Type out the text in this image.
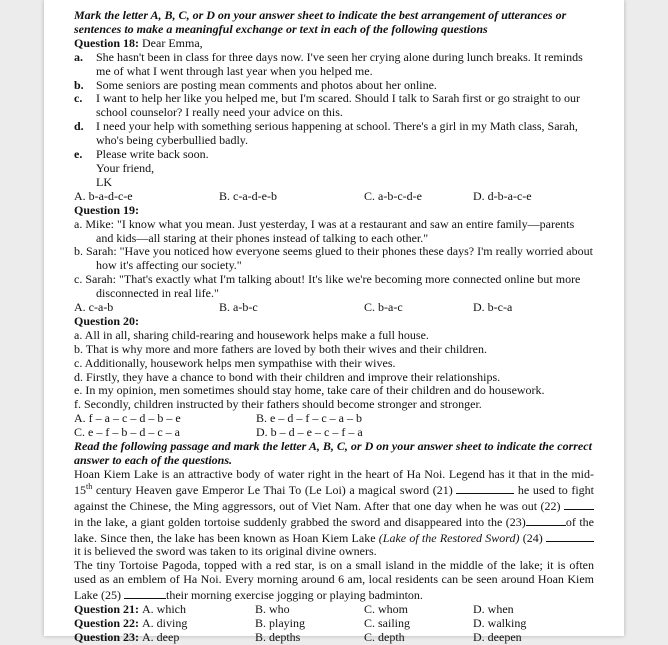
Mark the letter A, B, C, or D on your answer sheet to indicate the best arrangement of utterances or sentences to make a meaningful exchange or text in each of the following questions
Question 18: Dear Emma,
a.	She hasn't been in class for three days now. I've seen her crying alone during lunch breaks. It reminds me of what I went through last year when you helped me.
b.	Some seniors are posting mean comments and photos about her online.
c.	I want to help her like you helped me, but I'm scared. Should I talk to Sarah first or go straight to our school counselor? I really need your advice on this.
d.	I need your help with something serious happening at school. There's a girl in my Math class, Sarah, who's being cyberbullied badly.
e.	Please write back soon.
Your friend,
LK
A. b-a-d-c-e	B. c-a-d-e-b	C. a-b-c-d-e	D. d-b-a-c-e
Question 19:
a. Mike: "I know what you mean. Just yesterday, I was at a restaurant and saw an entire family—parents and kids—all staring at their phones instead of talking to each other."
b. Sarah: "Have you noticed how everyone seems glued to their phones these days? I'm really worried about how it's affecting our society."
c. Sarah: "That's exactly what I'm talking about! It's like we're becoming more connected online but more disconnected in real life."
A. c-a-b	B. a-b-c	C. b-a-c	D. b-c-a
Question 20:
a. All in all, sharing child-rearing and housework helps make a full house.
b. That is why more and more fathers are loved by both their wives and their children.
c. Additionally, housework helps men sympathise with their wives.
d. Firstly, they have a chance to bond with their children and improve their relationships.
e. In my opinion, men sometimes should stay home, take care of their children and do housework.
f. Secondly, children instructed by their fathers should become stronger and stronger.
A. f – a – c – d – b – e	B. e – d – f – c – a – b
C. e – f – b – d – c – a	D. b – d – e – c – f – a
Read the following passage and mark the letter A, B, C, or D on your answer sheet to indicate the correct answer to each of the questions.
Hoan Kiem Lake is an attractive body of water right in the heart of Ha Noi. Legend has it that in the mid-15th century Heaven gave Emperor Le Thai To (Le Loi) a magical sword (21)	he used to fight against the Chinese, the Ming aggressors, out of Viet Nam. After that one day when he was out (22)  in the lake, a giant golden tortoise suddenly grabbed the sword and disappeared into the (23)	of the lake. Since then, the lake has been known as Hoan Kiem Lake (Lake of the Restored Sword) (24)  it is believed the sword was taken to its original divine owners.
The tiny Tortoise Pagoda, topped with a red star, is on a small island in the middle of the lake; it is often used as an emblem of Ha Noi. Every morning around 6 am, local residents can be seen around Hoan Kiem Lake (25)	their morning exercise jogging or playing badminton.
Question 21: A. which	B. who	C. whom	D. when
Question 22: A. diving	B. playing	C. sailing	D. walking
Question 23: A. deep	B. depths	C. depth	D. deepen
